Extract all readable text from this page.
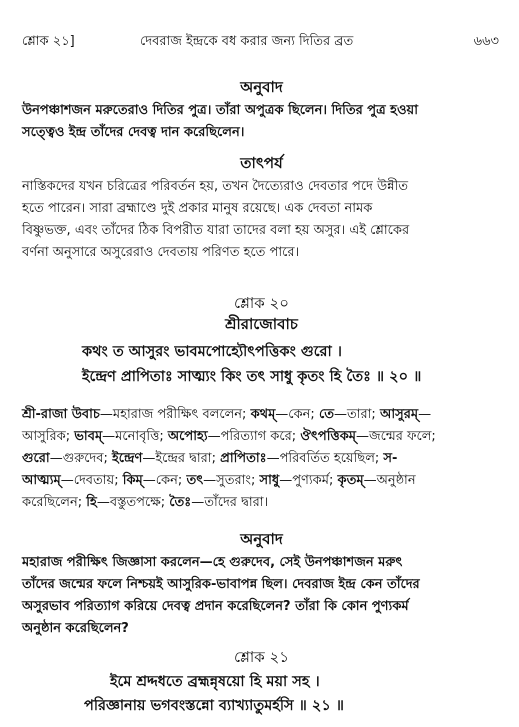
শ্লোক ২১]	দেবরাজ ইন্দ্রকে বধ করার জন্য দিতির ব্রত	৬৬৩
অনুবাদ

উনপঞ্চাশজন মরুতেরাও দিতির পুত্র। তাঁরা অপুত্রক ছিলেন। দিতির পুত্র হওয়া

সত্ত্বেও ইন্দ্র তাঁদের দেবত্ব দান করেছিলেন।

তাৎপর্য

নাস্তিকদের যখন চরিত্রের পরিবর্তন হয়, তখন দৈত্যেরাও দেবতার পদে উন্নীত

হতে পারেন। সারা ব্রহ্মাণ্ডে দুই প্রকার মানুষ রয়েছে। এক দেবতা নামক

বিষ্ণুভক্ত, এবং তাঁদের ঠিক বিপরীত যারা তাদের বলা হয় অসুর। এই শ্লোকের

বর্ণনা অনুসারে অসুরেরাও দেবতায় পরিণত হতে পারে।

শ্লোক ২০
শ্রীরাজোবাচ
কথং ত আসুরং ভাবমপোহ্যৌৎপত্তিকং গুরো ।
ইন্দ্রেণ প্রাপিতাঃ সাত্ম্যং কিং তৎ সাধু কৃতং হি তৈঃ ॥ ২০ ॥

শ্রী-রাজা উবাচ—মহারাজ পরীক্ষিৎ বললেন; কথম্—কেন; তে—তারা; আসুরম্—

আসুরিক; ভাবম্—মনোবৃত্তি; অপোহ্য—পরিত্যাগ করে; ঔৎপত্তিকম্—জন্মের ফলে;

গুরো—গুরুদেব; ইন্দ্রেণ—ইন্দ্রের দ্বারা; প্রাপিতাঃ—পরিবর্তিত হয়েছিল; স-

আত্ম্যম্—দেবতায়; কিম্—কেন; তৎ—সুতরাং; সাধু—পুণ্যকর্ম; কৃতম্—অনুষ্ঠান

করেছিলেন; হি—বস্তুতপক্ষে; তৈঃ—তাঁদের দ্বারা।

অনুবাদ

মহারাজ পরীক্ষিৎ জিজ্ঞাসা করলেন—হে গুরুদেব, সেই উনপঞ্চাশজন মরুৎ

তাঁদের জন্মের ফলে নিশ্চয়ই আসুরিক-ভাবাপন্ন ছিল। দেবরাজ ইন্দ্র কেন তাঁদের

অসুরভাব পরিত্যাগ করিয়ে দেবত্ব প্রদান করেছিলেন? তাঁরা কি কোন পুণ্যকর্ম

অনুষ্ঠান করেছিলেন?

শ্লোক ২১
ইমে শ্রদ্দধতে ব্রহ্মন্নৃষয়ো হি ময়া সহ ।
পরিজ্ঞানায় ভগবংস্তন্নো ব্যাখ্যাতুমর্হসি ॥ ২১ ॥
